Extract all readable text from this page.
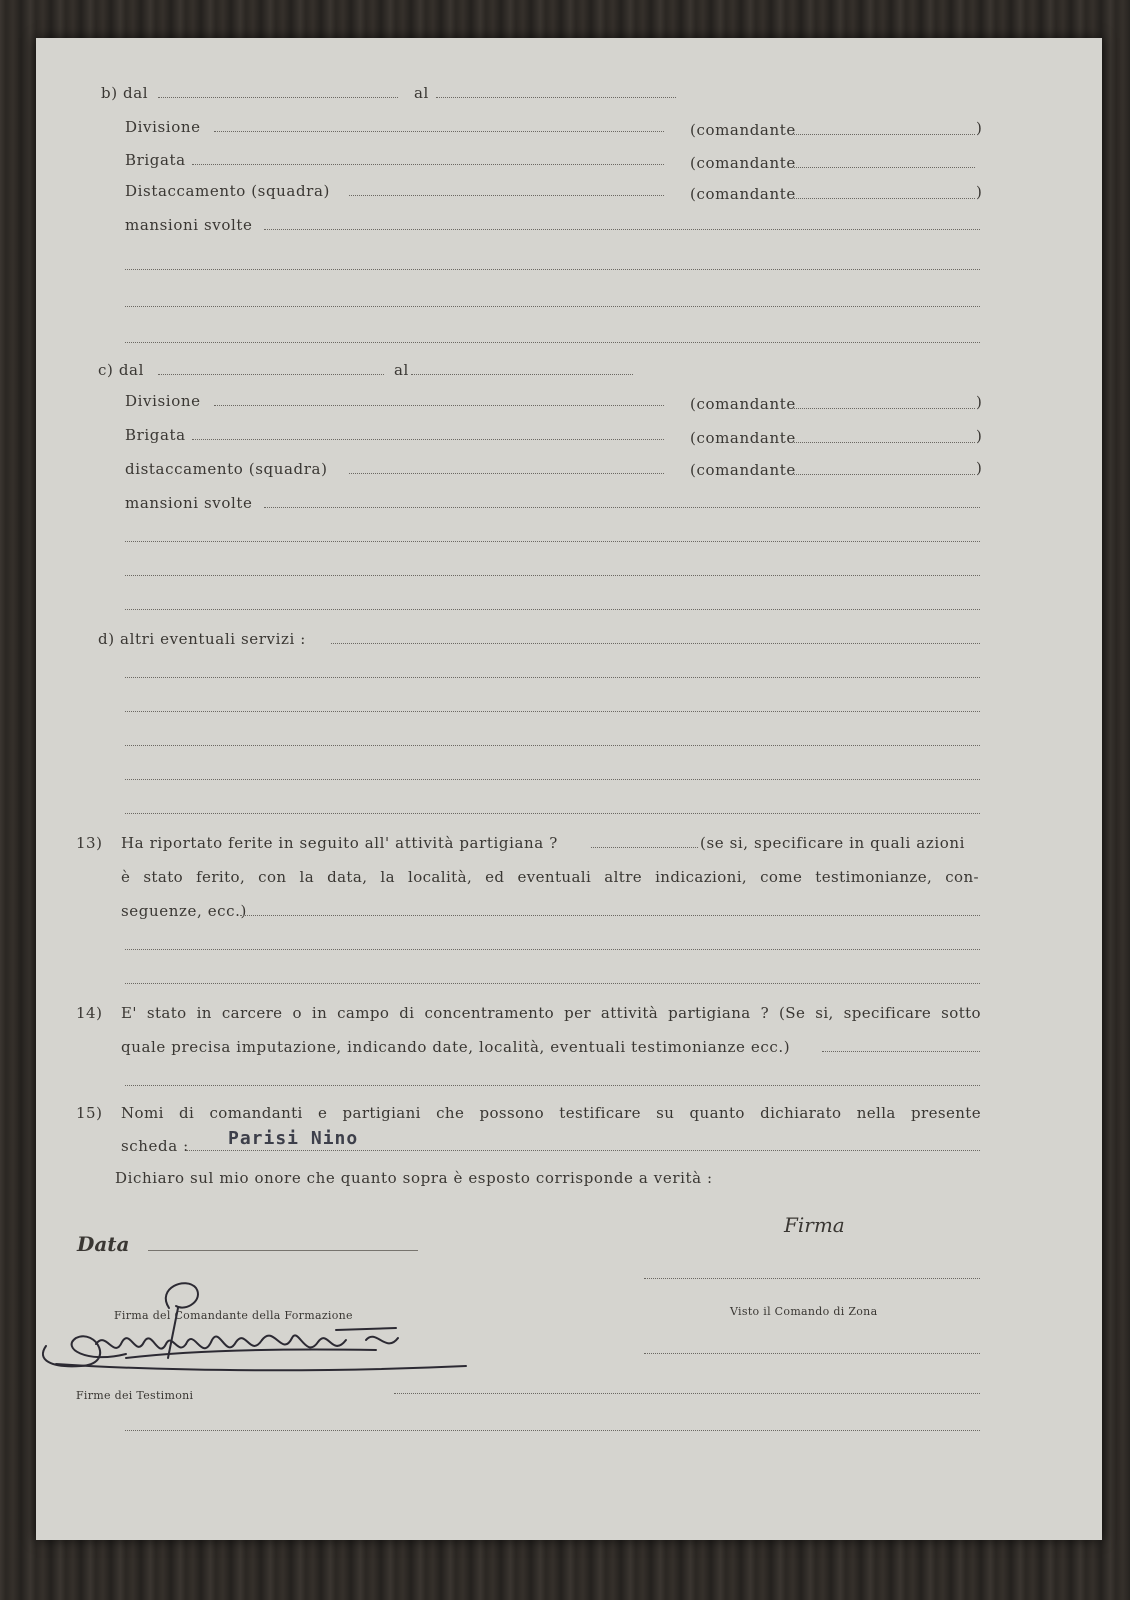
b) dal	al
Divisione	(comandante	)
Brigata	(comandante
Distaccamento (squadra)	(comandante	)
mansioni svolte
c) dal	al
Divisione	(comandante	)
Brigata	(comandante	)
distaccamento (squadra)	(comandante	)
mansioni svolte
d) altri eventuali servizi :
13) Ha riportato ferite in seguito all' attività partigiana ?	(se si, specificare in quali azioni
è stato ferito, con la data, la località, ed eventuali altre indicazioni, come testimonianze, con-
seguenze, ecc.)
14) E' stato in carcere o in campo di concentramento per attività partigiana ? (Se si, specificare sotto
quale precisa imputazione, indicando date, località, eventuali testimonianze ecc.)
15) Nomi di comandanti e partigiani che possono testificare su quanto dichiarato nella presente
scheda : Parisi Nino
Dichiaro sul mio onore che quanto sopra è esposto corrisponde a verità :
Firma
Data
Firma del Comandante della Formazione	Visto il Comando di Zona
Firme dei Testimoni
